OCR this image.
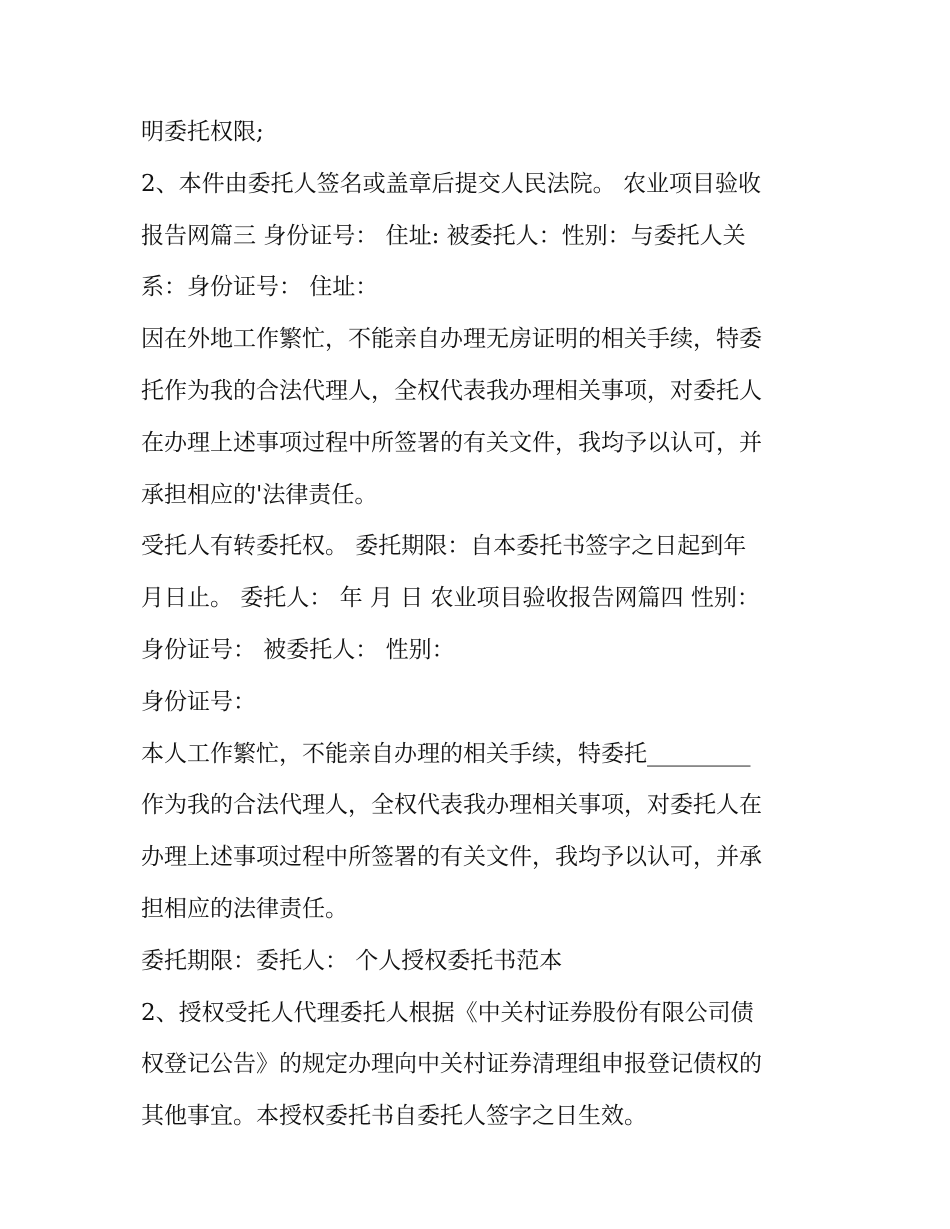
明委托权限;
2、本件由委托人签名或盖章后提交人民法院。 农业项目验收
报告网篇三 身份证号： 住址: 被委托人：性别：与委托人关
系：身份证号： 住址：
因在外地工作繁忙，不能亲自办理无房证明的相关手续，特委
托作为我的合法代理人，全权代表我办理相关事项，对委托人
在办理上述事项过程中所签署的有关文件，我均予以认可，并
承担相应的'法律责任。
受托人有转委托权。 委托期限：自本委托书签字之日起到年
月日止。 委托人： 年 月 日 农业项目验收报告网篇四 性别：
身份证号： 被委托人： 性别：
身份证号：
本人工作繁忙，不能亲自办理的相关手续，特委托_________
作为我的合法代理人，全权代表我办理相关事项，对委托人在
办理上述事项过程中所签署的有关文件，我均予以认可，并承
担相应的法律责任。
委托期限：委托人： 个人授权委托书范本
2、授权受托人代理委托人根据《中关村证券股份有限公司债
权登记公告》的规定办理向中关村证券清理组申报登记债权的
其他事宜。本授权委托书自委托人签字之日生效。
